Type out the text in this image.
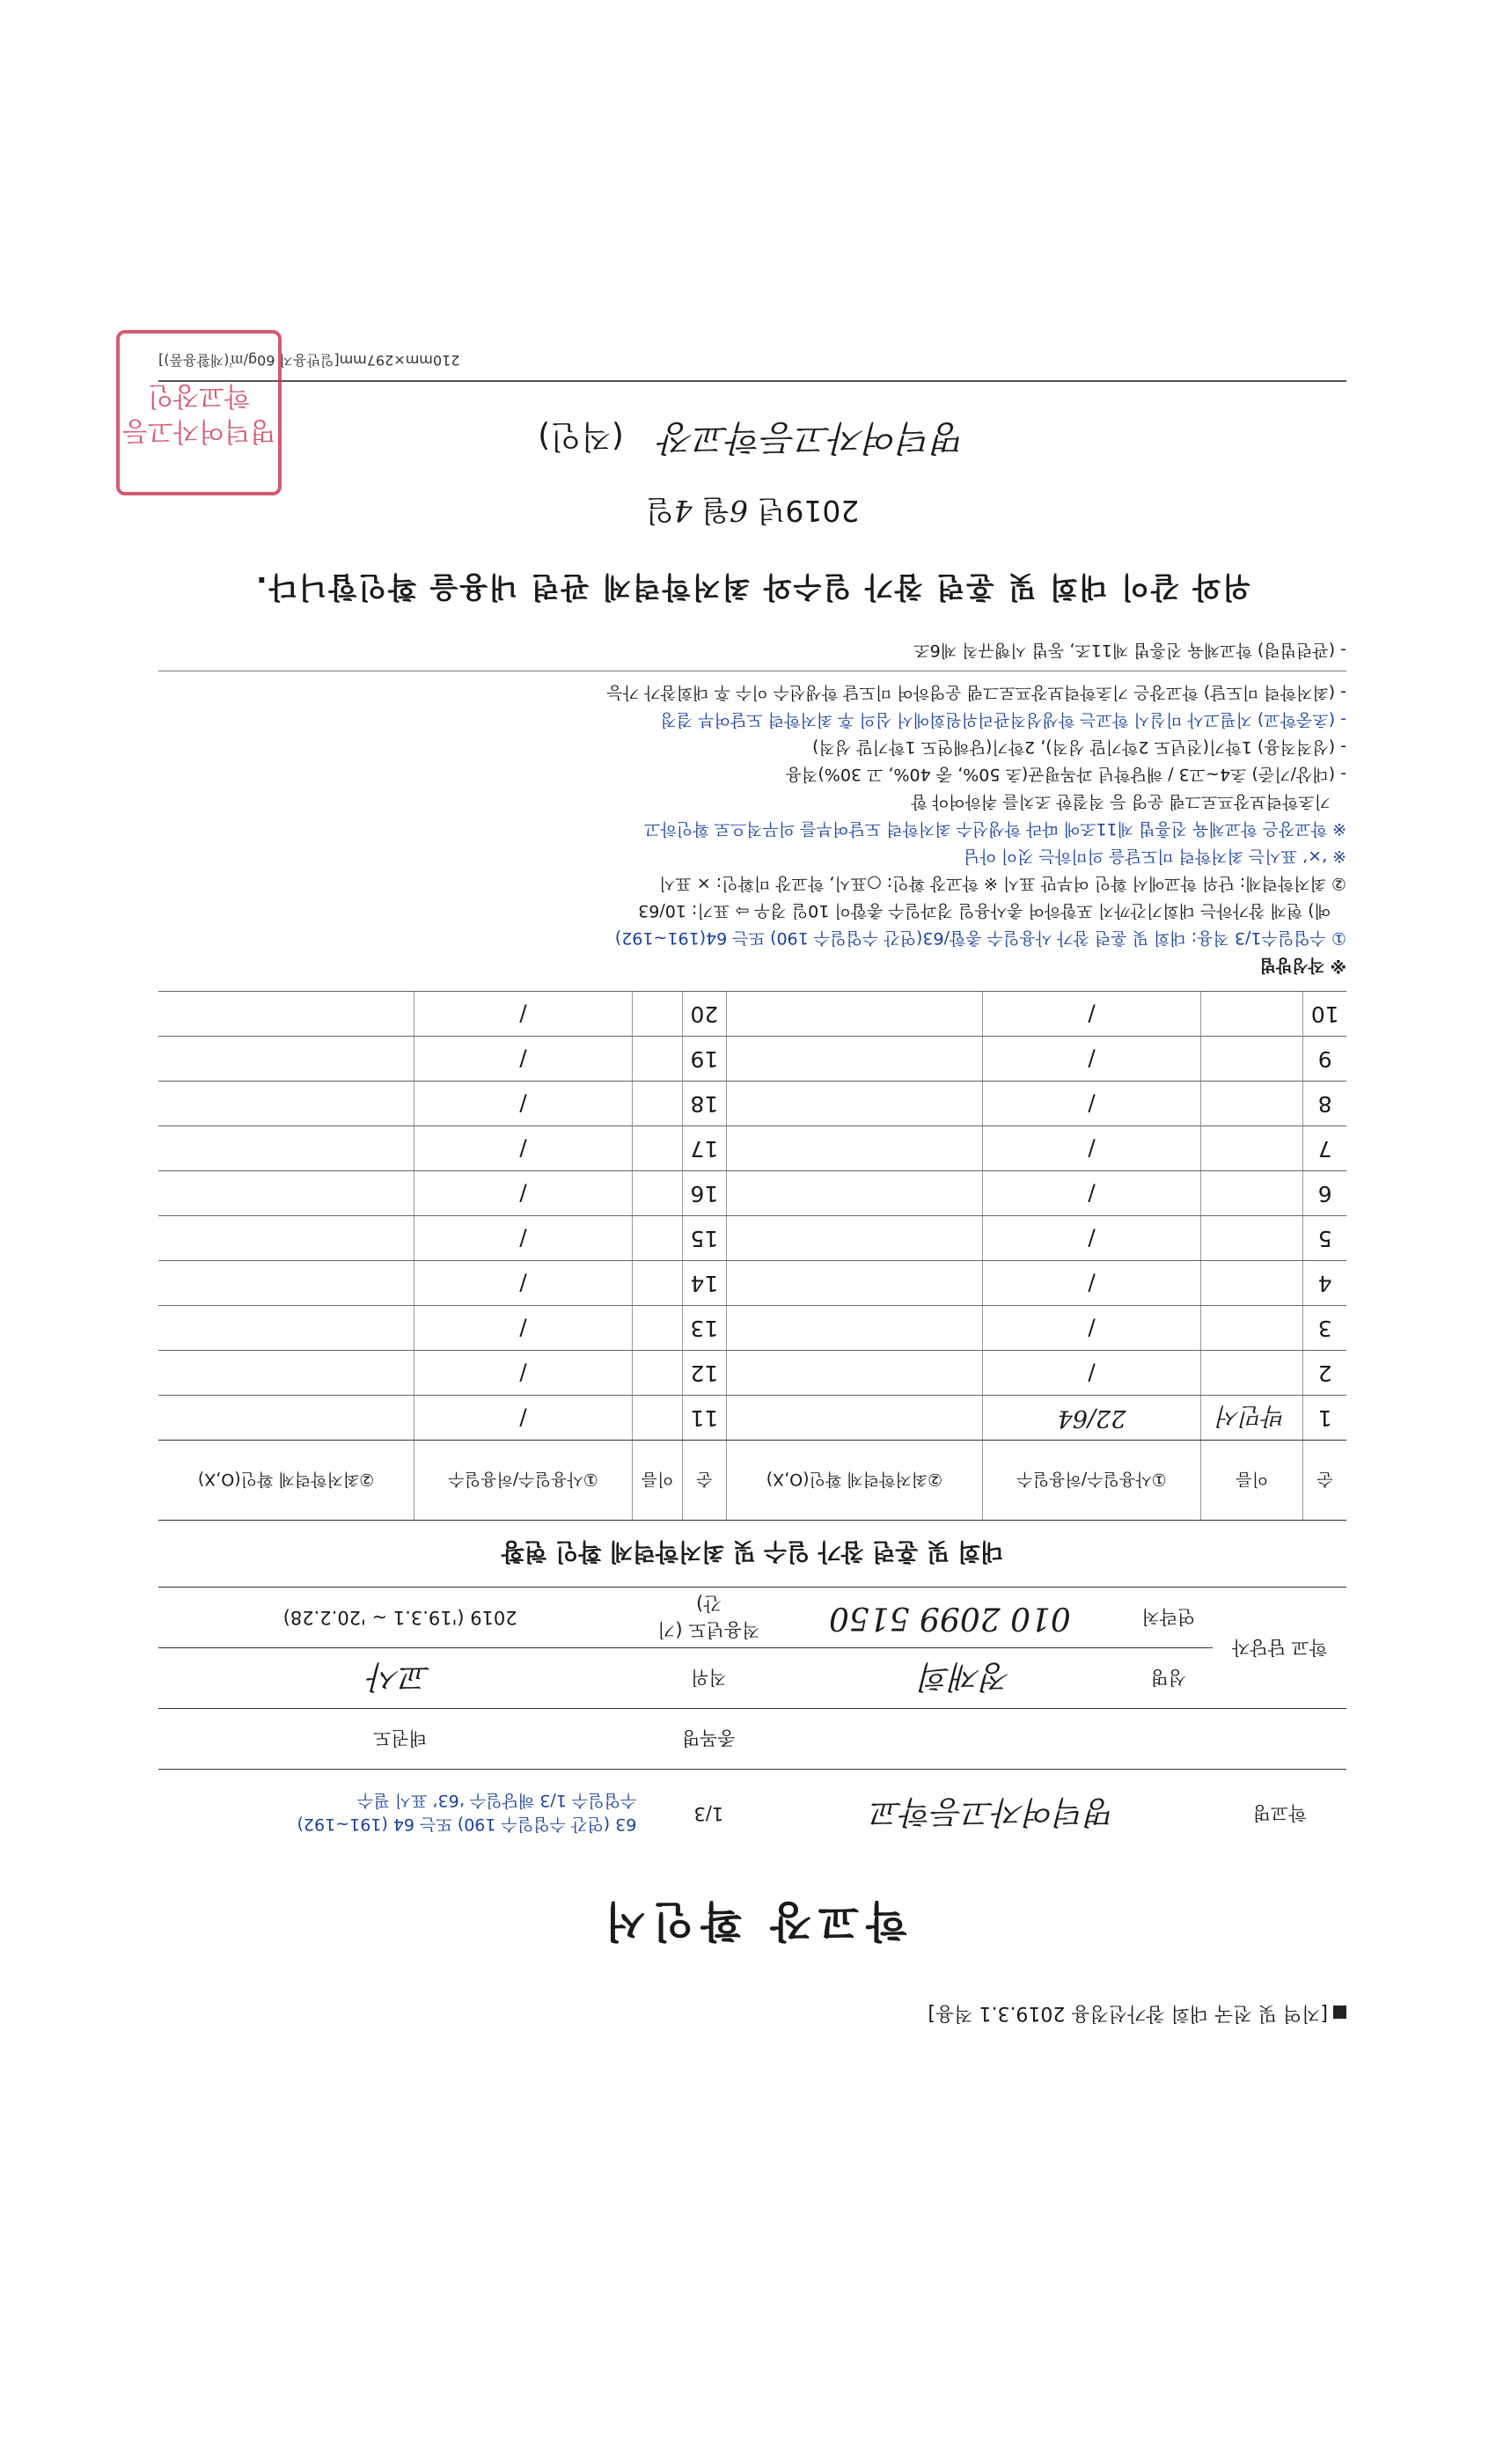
[지역 및 전국 대회 참가선정용 2019.3.1 적용]
학교장 확인서
학교명	명덕여자고등학교			1/3	63 (연간 수업일수 190) 또는 64 (191~192)
수업일수 1/3 해당일수 ‘63’ 표시 필수

				종목명	태권도
학교 담당자	성명	정재희		직위	교사
	연락처	010 2099 5150		적용년도 (기간)	2019 ('19.3.1 ~ '20.2.28)
대회 및 훈련 참가 일수 및 최저학력제 확인 현황
순	이름	①사용일수/허용일수	②최저학력제 확인(O,X)	순	이름	①사용일수/허용일수	②최저학력제 확인(O,X)
1	박민서	22/64		11		/	
2		/		12		/	
3		/		13		/	
4		/		14		/	
5		/		15		/	
6		/		16		/	
7		/		17		/	
8		/		18		/	
9		/		19		/	
10		/		20		/	
※ 작성방법
① 수업일수1/3 적용: 대회 및 훈련 참가 사용일수 총합/63(연간 수업일수 190) 또는 64(191~192)
예) 현재 참가하는 대회기간까지 포함하여 총사용일 경과일수 총합이 10일 경우 ⇨ 표기: 10/63
② 최저학력제: 단위 학교에서 확인 여부만 표시 ※ 학교장 확인: ○표시, 학교장 미확인: × 표시
※ ‘×’ 표시는 최저학력 미도달을 의미하는 것이 아님
※ 학교장은 학교체육 진흥법 제11조에 따라 학생선수 최저학력 도달여부를 의무적으로 확인하고
기초학력보장프로그램 운영 등 적절한 조치를 취하여야 함
- (대상/기준) 초4~고3 / 해당학년 과목평균(초 50%, 중 40%, 고 30%)적용
- (성적적용) 1학기(전년도 2학기말 성적), 2학기(당해연도 1학기말 성적)
- (초중학교) 지필고사 미실시 학교는 학생성적관리위원회에서 심의 후 최저학력 도달여부 결정
- (최저학력 미도달) 학교장은 기초학력보장프로그램 운영하여 미도달 학생선수 이수 후 대회참가 가능
- (관련법령) 학교체육 진흥법 제11조, 동법 시행규칙 제6조
위와 같이 대회 및 훈련 참가 일수와 최저학력제 관련 내용을 확인합니다.
2019년 6월 4일
명덕여자고등학교장 (직인)
명덕여자고등학교장인
210mm×297mm[일반용지 60g/㎡(재활용품)]
